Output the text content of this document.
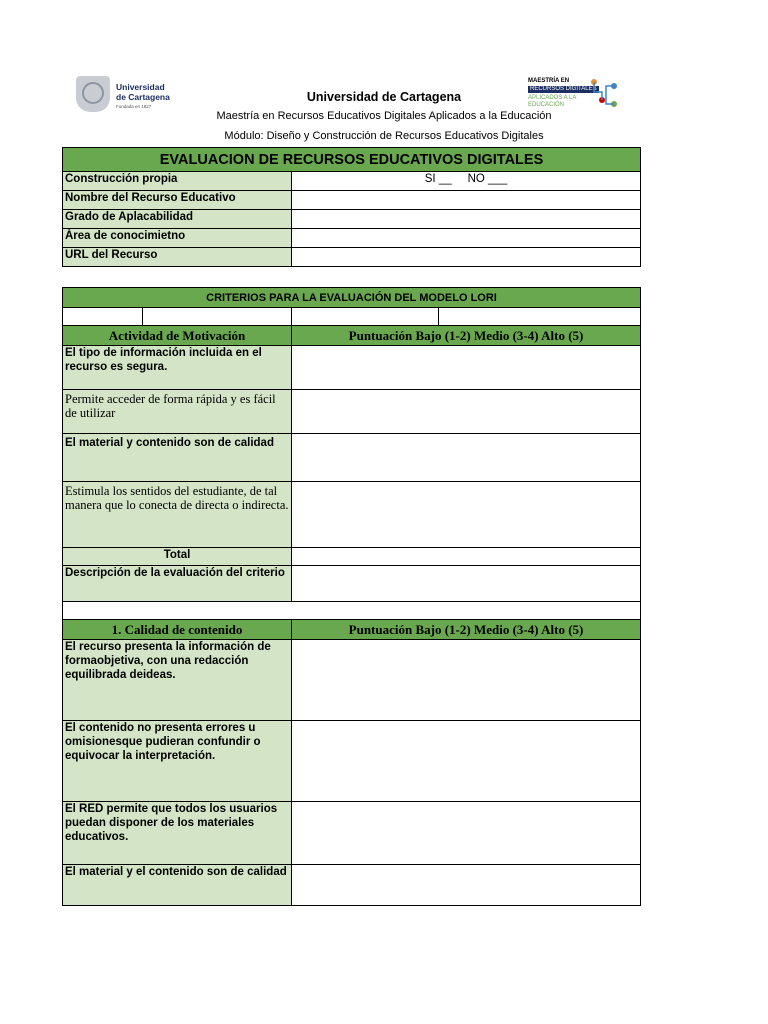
Universidad
de Cartagena
Fundada en 1827
MAESTRÍA EN
RECURSOS DIGITALES
APLICADOS A LA
EDUCACIÓN
Universidad de Cartagena
Maestría en Recursos Educativos Digitales Aplicados a la Educación
Módulo: Diseño y Construcción de Recursos Educativos Digitales
EVALUACION DE RECURSOS EDUCATIVOS DIGITALES	
Construcción propia	SI __     NO ___
Nombre del Recurso Educativo	
Grado de Aplacabilidad	
Área de conocimietno	
URL del Recurso	
CRITERIOS PARA LA EVALUACIÓN DEL MODELO LORI			

Actividad de Motivación		Puntuación Bajo (1-2) Medio (3-4) Alto (5)	
El tipo de información incluida en el recurso es segura.			
Permite acceder de forma rápida y es fácil de utilizar			
El material y contenido son de calidad			
Estimula los sentidos del estudiante, de tal manera que lo conecta de directa o indirecta.			
Total			
Descripción de la evaluación del criterio			

1. Calidad de contenido		Puntuación Bajo (1-2) Medio (3-4) Alto (5)	
El recurso presenta la información de formaobjetiva, con una redacción equilibrada deideas.			
El contenido no presenta errores u omisionesque pudieran confundir o equivocar la interpretación.			
El RED permite que todos los usuarios puedan disponer de los materiales educativos.			
El material y el contenido son de calidad			
